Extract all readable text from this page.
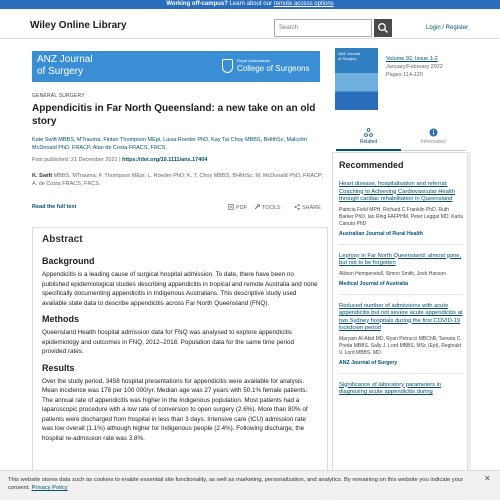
Working off-campus? Learn about our remote access options
Wiley Online Library	Search	Login / Register
ANZ Journal
of Surgery
Royal Australasian
College of Surgeons
ANZ Journal
of Surgery	Volume 92, Issue 1-2
January/February 2022
Pages 114-120
GENERAL SURGERY
Appendicitis in Far North Queensland: a new take on an old story
Kate Swift MBBS, MTrauma, Fintan Thompson MEpi, Luisa Roeder PhD, Kay Tai Choy MBBS, BHlthSc, Malcolm McDonald PhD, FRACP, Alan de Costa FRACS, FRCS
First published: 21 December 2021 | https://doi.org/10.1111/ans.17404
K. Swift MBBS, MTrauma; F. Thompson MEpi; L. Roeder PhD; K. T. Choy MBBS, BHlthSc; M. McDonald PhD, FRACP; A. de Costa FRACS, FRCS.
Read the full text	PDF	TOOLS	SHARE
Abstract
Background

Appendicitis is a leading cause of surgical hospital admission. To date, there have been no published epidemiological studies describing appendicitis in tropical and remote Australia and none specifically documenting appendicitis in Indigenous Australians. This descriptive study used available state data to describe appendicitis across Far North Queensland (FNQ).

Methods

Queensland Health hospital admission data for FNQ was analysed to explore appendicitis epidemiology and outcomes in FNQ, 2012–2018. Population data for the same time period provided rates.

Results

Over the study period, 3458 hospital presentations for appendicitis were available for analysis. Mean incidence was 178 per 100 000/yr. Median age was 27 years with 50.1% female patients. The annual rate of appendicitis was higher in the Indigenous population. Most patients had a laparoscopic procedure with a low rate of conversion to open surgery (2.6%). More than 80% of patients were discharged from hospital in less than 3 days. Intensive care (ICU) admission rate was low overall (1.1%) although higher for Indigenous people (2.4%). Following discharge, the hospital re-admission rate was 3.8%.

Related	Information
Recommended
Heart disease, hospitalisation and referral: Coaching to Achieving Cardiovascular Health through cardiac rehabilitation in Queensland
Patricia Field MPH, Richard C Franklin PhD, Ruth Barker PhD, Ian Ring FAFPHM, Peter Leggat MD, Karla Canuto PhD
Australian Journal of Rural Health
Leprosy in Far North Queensland: almost gone, but not to be forgotten
Allison Hempenstall, Simon Smith, Josh Hanson
Medical Journal of Australia
Reduced number of admissions with acute appendicitis but not severe acute appendicitis at two Sydney hospitals during the first COVID-19 lockdown period
Maryam Al-Abid MD, Ryan Petrucci MBChB, Tamara C. Preda MBBS, Sally J. Lord MBBS, MSc (Epi), Reginald V. Lord MBBS, MD
ANZ Journal of Surgery
Significance of laboratory parameters in diagnosing acute appendicitis during
This website stores data such as cookies to enable essential site functionality, as well as marketing, personalization, and analytics. By remaining on this website you indicate your consent. Privacy Policy
✕
